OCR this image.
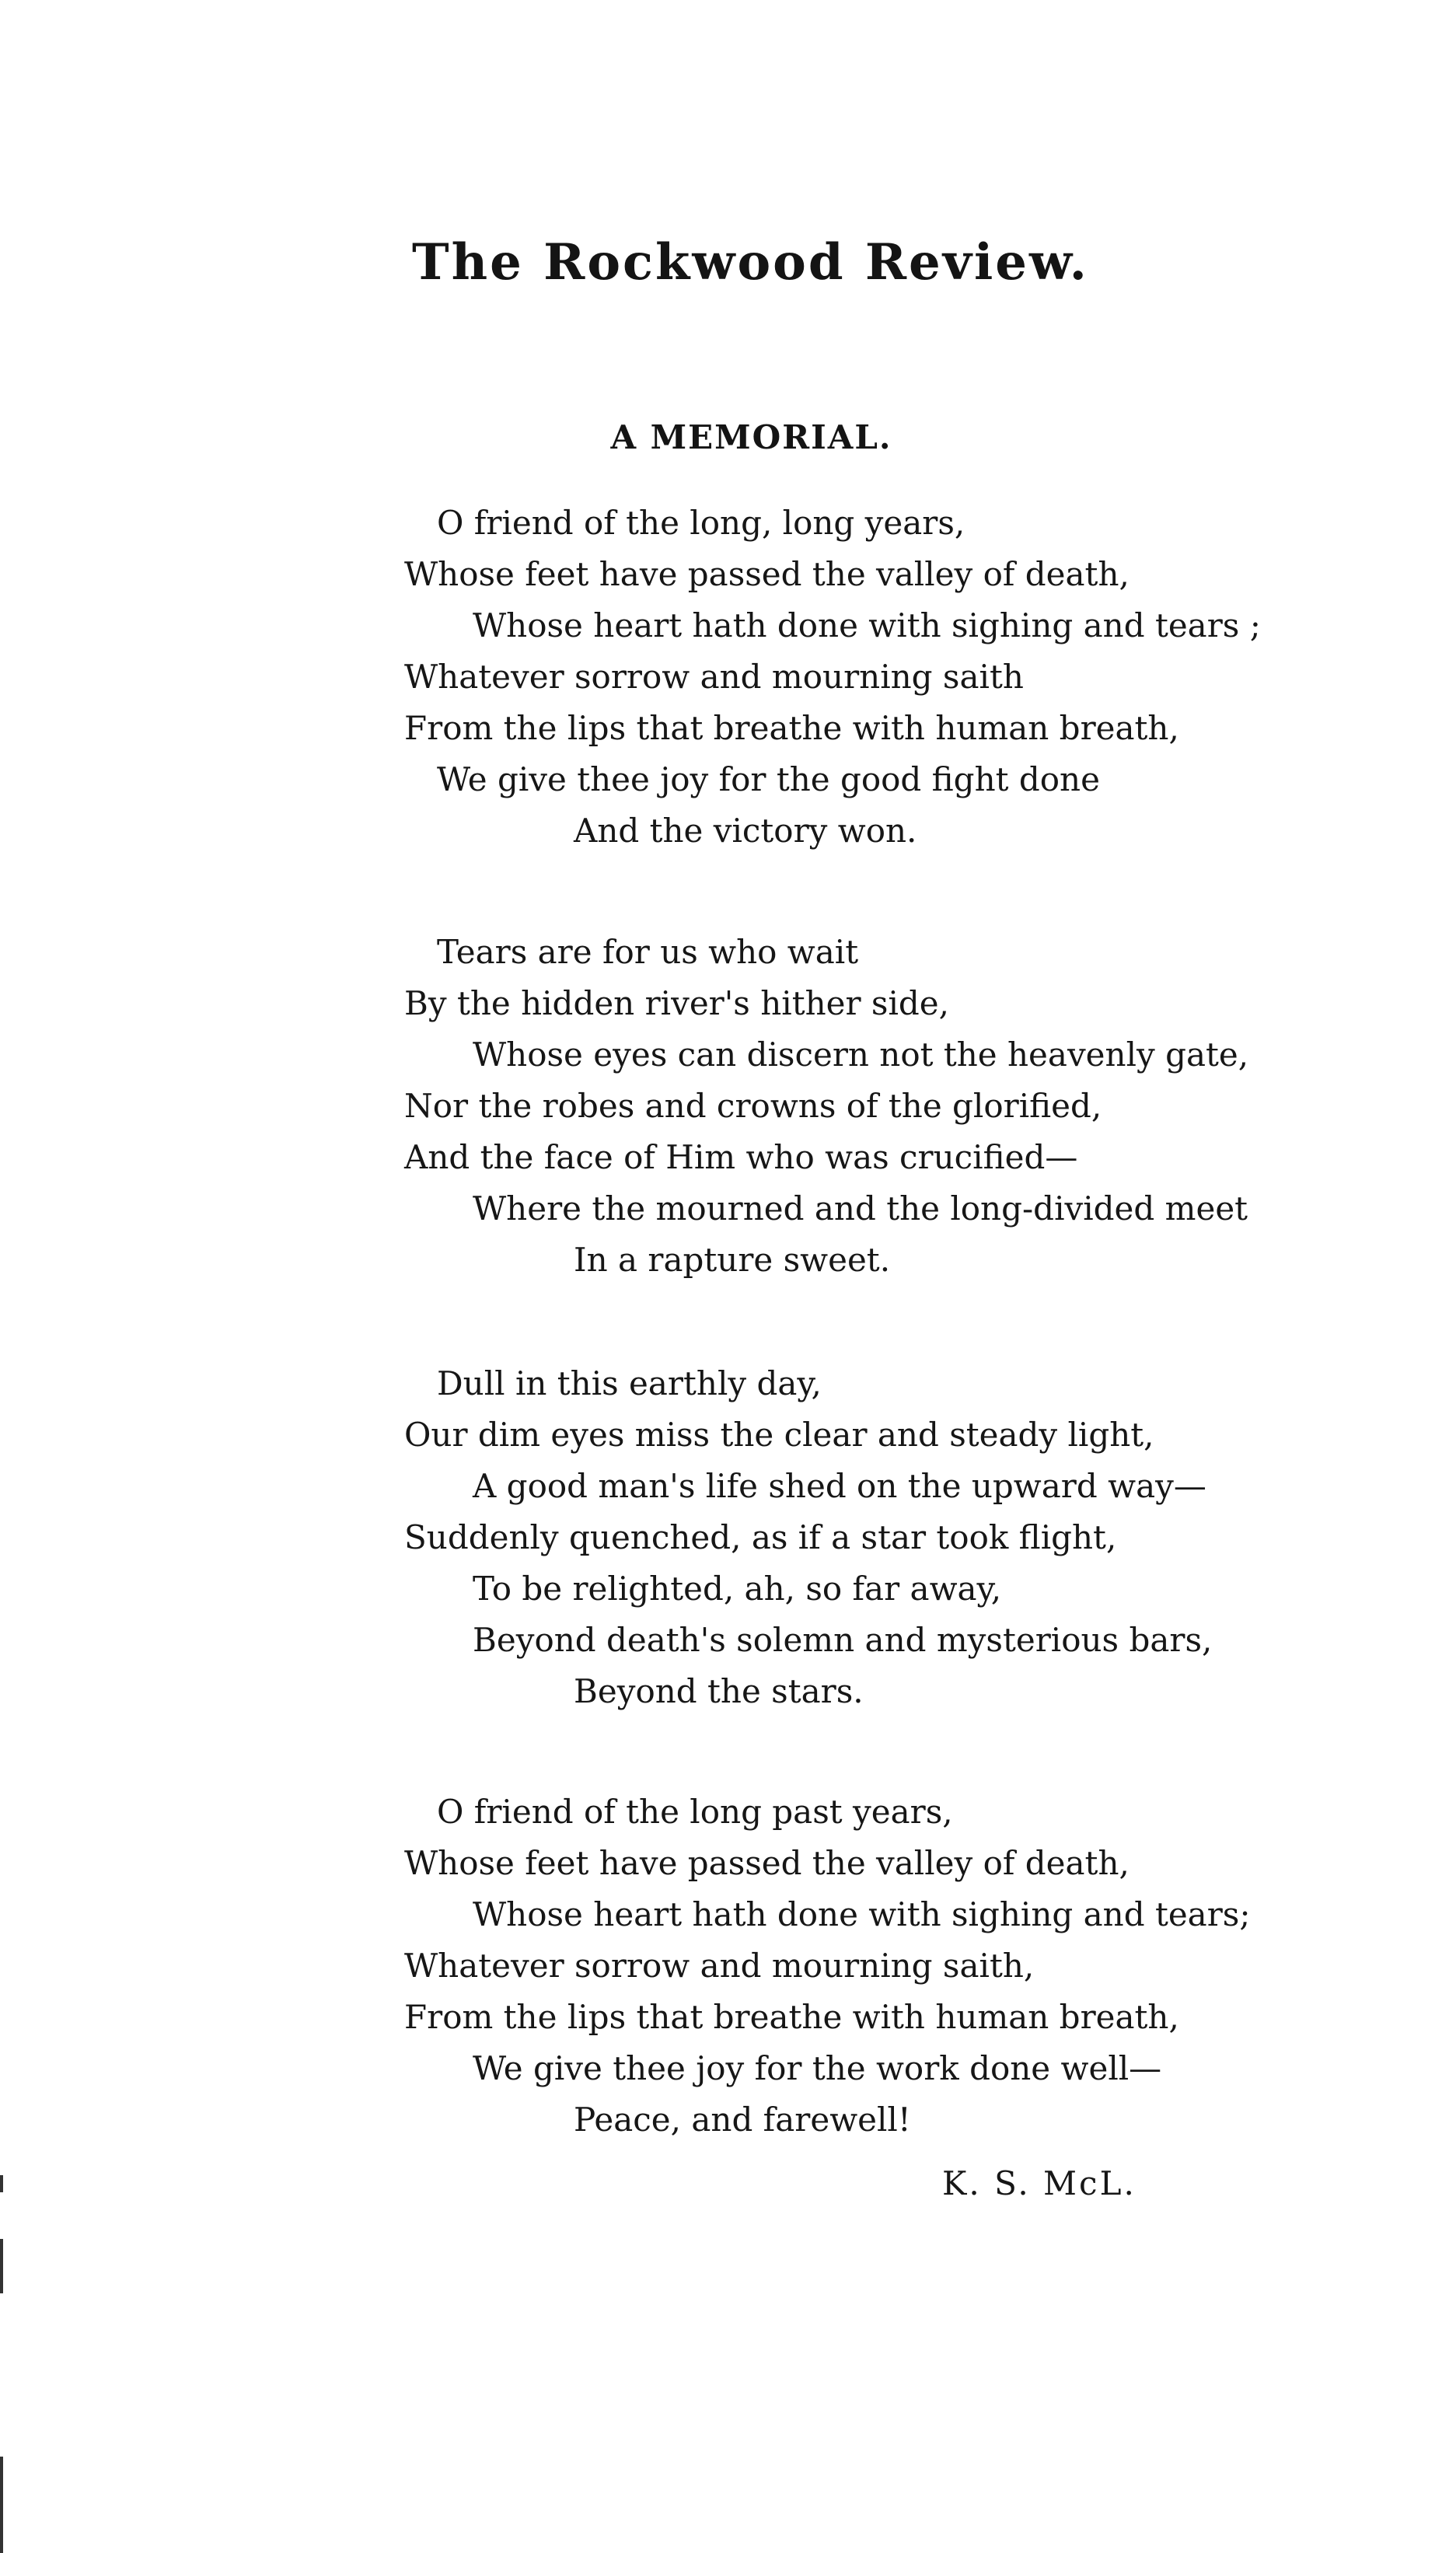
The Rockwood Review.
A MEMORIAL.
O friend of the long, long years,
Whose feet have passed the valley of death,
Whose heart hath done with sighing and tears ;
Whatever sorrow and mourning saith
From the lips that breathe with human breath,
We give thee joy for the good fight done
And the victory won.
Tears are for us who wait
By the hidden river's hither side,
Whose eyes can discern not the heavenly gate,
Nor the robes and crowns of the glorified,
And the face of Him who was crucified—
Where the mourned and the long-divided meet
In a rapture sweet.
Dull in this earthly day,
Our dim eyes miss the clear and steady light,
A good man's life shed on the upward way—
Suddenly quenched, as if a star took flight,
To be relighted, ah, so far away,
Beyond death's solemn and mysterious bars,
Beyond the stars.
O friend of the long past years,
Whose feet have passed the valley of death,
Whose heart hath done with sighing and tears;
Whatever sorrow and mourning saith,
From the lips that breathe with human breath,
We give thee joy for the work done well—
Peace, and farewell!
K. S. McL.
